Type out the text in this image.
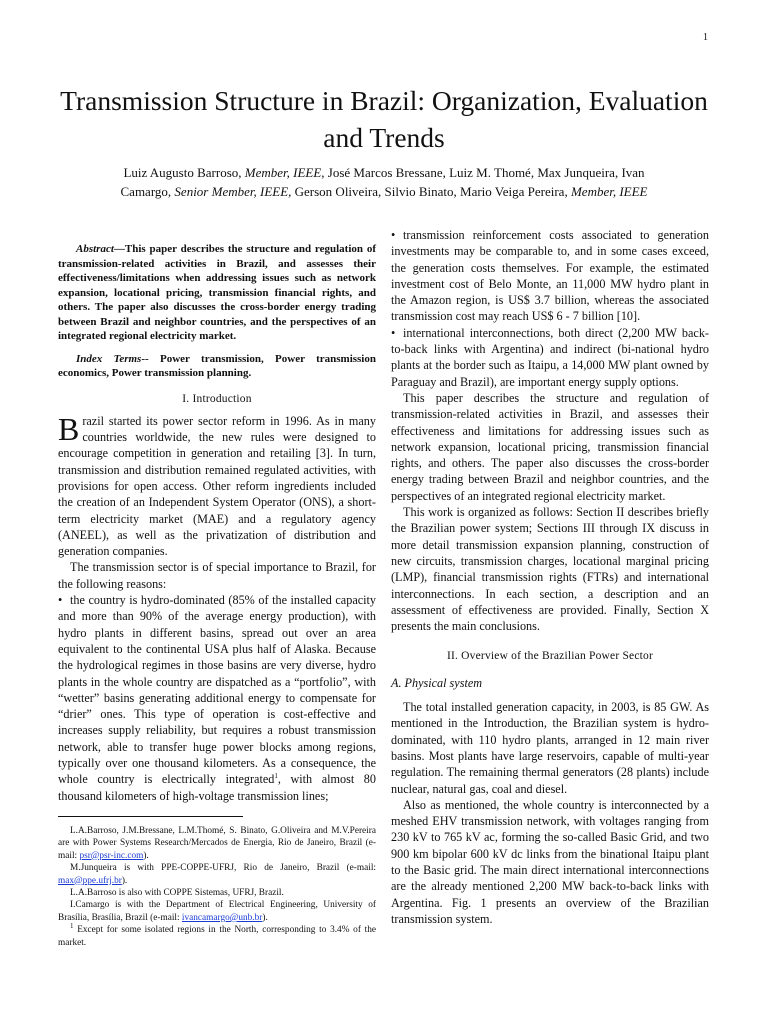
1
Transmission Structure in Brazil: Organization, Evaluation and Trends
Luiz Augusto Barroso, Member, IEEE, José Marcos Bressane, Luiz M. Thomé, Max Junqueira, Ivan
Camargo, Senior Member, IEEE, Gerson Oliveira, Silvio Binato, Mario Veiga Pereira, Member, IEEE

Abstract—This paper describes the structure and regulation of transmission-related activities in Brazil, and assesses their effectiveness/limitations when addressing issues such as network expansion, locational pricing, transmission financial rights, and others. The paper also discusses the cross-border energy trading between Brazil and neighbor countries, and the perspectives of an integrated regional electricity market.

Index Terms-- Power transmission, Power transmission economics, Power transmission planning.

I. Introduction

Brazil started its power sector reform in 1996. As in many countries worldwide, the new rules were designed to encourage competition in generation and retailing [3]. In turn, transmission and distribution remained regulated activities, with provisions for open access. Other reform ingredients included the creation of an Independent System Operator (ONS), a short-term electricity market (MAE) and a regulatory agency (ANEEL), as well as the privatization of distribution and generation companies.

The transmission sector is of special importance to Brazil, for the following reasons:

• the country is hydro-dominated (85% of the installed capacity and more than 90% of the average energy production), with hydro plants in different basins, spread out over an area equivalent to the continental USA plus half of Alaska. Because the hydrological regimes in those basins are very diverse, hydro plants in the whole country are dispatched as a “portfolio”, with “wetter” basins generating additional energy to compensate for “drier” ones. This type of operation is cost-effective and increases supply reliability, but requires a robust transmission network, able to transfer huge power blocks among regions, typically over one thousand kilometers. As a consequence, the whole country is electrically integrated$^1$, with almost 80 thousand kilometers of high-voltage transmission lines;

L.A.Barroso, J.M.Bressane, L.M.Thomé, S. Binato, G.Oliveira and M.V.Pereira are with Power Systems Research/Mercados de Energia, Rio de Janeiro, Brazil (e-mail: psr@psr-inc.com).

M.Junqueira is with PPE-COPPE-UFRJ, Rio de Janeiro, Brazil (e-mail: max@ppe.ufrj.br).

L.A.Barroso is also with COPPE Sistemas, UFRJ, Brazil.

I.Camargo is with the Department of Electrical Engineering, University of Brasília, Brasília, Brazil (e-mail: ivancamargo@unb.br).

$^1$ Except for some isolated regions in the North, corresponding to 3.4% of the market.

• transmission reinforcement costs associated to generation investments may be comparable to, and in some cases exceed, the generation costs themselves. For example, the estimated investment cost of Belo Monte, an 11,000 MW hydro plant in the Amazon region, is US$ 3.7 billion, whereas the associated transmission cost may reach US$ 6 - 7 billion [10].

• international interconnections, both direct (2,200 MW back-to-back links with Argentina) and indirect (bi-national hydro plants at the border such as Itaipu, a 14,000 MW plant owned by Paraguay and Brazil), are important energy supply options.

This paper describes the structure and regulation of transmission-related activities in Brazil, and assesses their effectiveness and limitations for addressing issues such as network expansion, locational pricing, transmission financial rights, and others. The paper also discusses the cross-border energy trading between Brazil and neighbor countries, and the perspectives of an integrated regional electricity market.

This work is organized as follows: Section II describes briefly the Brazilian power system; Sections III through IX discuss in more detail transmission expansion planning, construction of new circuits, transmission charges, locational marginal pricing (LMP), financial transmission rights (FTRs) and international interconnections. In each section, a description and an assessment of effectiveness are provided. Finally, Section X presents the main conclusions.

II. Overview of the Brazilian Power Sector
A. Physical system

The total installed generation capacity, in 2003, is 85 GW. As mentioned in the Introduction, the Brazilian system is hydro-dominated, with 110 hydro plants, arranged in 12 main river basins. Most plants have large reservoirs, capable of multi-year regulation. The remaining thermal generators (28 plants) include nuclear, natural gas, coal and diesel.

Also as mentioned, the whole country is interconnected by a meshed EHV transmission network, with voltages ranging from 230 kV to 765 kV ac, forming the so-called Basic Grid, and two 900 km bipolar 600 kV dc links from the binational Itaipu plant to the Basic grid. The main direct international interconnections are the already mentioned 2,200 MW back-to-back links with Argentina. Fig. 1 presents an overview of the Brazilian transmission system.
